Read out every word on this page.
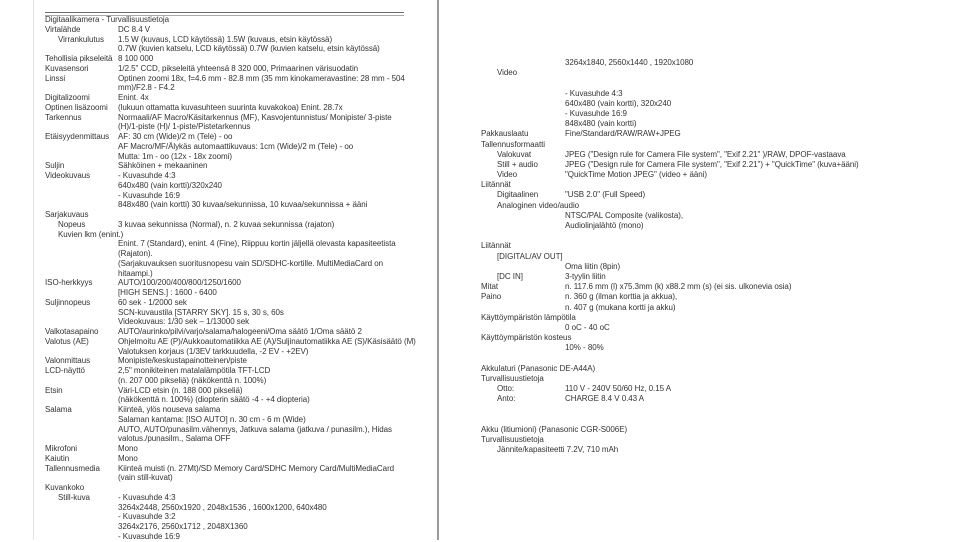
Digitaalikamera - Turvallisuustietoja
Virtalähde	DC 8.4 V
Virrankulutus 1.5 W (kuvaus, LCD käytössä) 1.5W (kuvaus, etsin käytössä)
0.7W (kuvien katselu, LCD käytössä) 0.7W (kuvien katselu, etsin käytössä)
Tehollisia pikseleitä 8 100 000
Kuvasensori	1/2.5" CCD, pikseleitä yhteensä 8 320 000, Primaarinen värisuodatin
Linssi	Optinen zoomi 18x, f=4.6 mm - 82.8 mm (35 mm kinokameravastine: 28 mm - 504
mm)/F2.8 - F4.2
Digitalizoomi	Enint. 4x
Optinen lisäzoomi (lukuun ottamatta kuvasuhteen suurinta kuvakokoa) Enint. 28.7x
Tarkennus	Normaali/AF Macro/Käsitarkennus (MF), Kasvojentunnistus/ Monipiste/ 3-piste
(H)/1-piste (H)/ 1-piste/Pistetarkennus
Etäisyydenmittaus AF: 30 cm (Wide)/2 m (Tele) - oo
AF Macro/MF/Älykäs automaattikuvaus: 1cm (Wide)/2 m (Tele) - oo
Mutta: 1m - oo (12x - 18x zoomi)
Suljin	Sähköinen + mekaaninen
Videokuvaus	- Kuvasuhde 4:3
640x480 (vain kortti)/320x240
- Kuvasuhde 16:9
848x480 (vain kortti) 30 kuvaa/sekunnissa, 10 kuvaa/sekunnissa + ääni
Sarjakuvaus
Nopeus	3 kuvaa sekunnissa (Normal), n. 2 kuvaa sekunnissa (rajaton)
Kuvien lkm (enint.)
Enint. 7 (Standard), enint. 4 (Fine), Riippuu kortin jäljellä olevasta kapasiteetista
(Rajaton).
(Sarjakuvauksen suoritusnopesu vain SD/SDHC-kortille. MultiMediaCard on
hitaampi.)
ISO-herkkyys	AUTO/100/200/400/800/1250/1600
[HIGH SENS.] : 1600 - 6400
Suljinnopeus	60 sek - 1/2000 sek
SCN-kuvaustila [STARRY SKY]. 15 s, 30 s, 60s
Videokuvaus: 1/30 sek – 1/13000 sek
Valkotasapaino AUTO/aurinko/pilvi/varjo/salama/halogeeni/Oma säätö 1/Oma säätö 2
Valotus (AE)	Ohjelmoitu AE (P)/Aukkoautomatiikka AE (A)/Suljinautomatiikka AE (S)/Käsisäätö (M)
Valotuksen korjaus (1/3EV tarkkuudella, -2 EV - +2EV)
Valonmittaus	Monipiste/keskustapainotteinen/piste
LCD-näyttö	2,5" monikiteinen matalalämpötila TFT-LCD
(n. 207 000 pikseliä) (näkökenttä n. 100%)
Etsin	Väri-LCD etsin (n. 188 000 pikseliä)
(näkökenttä n. 100%) (diopterin säätö -4 - +4 diopteria)
Salama	Kiinteä, ylös nouseva salama
Salaman kantama: [ISO AUTO] n. 30 cm - 6 m (Wide)
AUTO, AUTO/punasilm.vähennys, Jatkuva salama (jatkuva / punasilm.), Hidas
valotus./punasilm., Salama OFF
Mikrofoni	Mono
Kaiutin	Mono
Tallennusmedia Kiinteä muisti (n. 27Mt)/SD Memory Card/SDHC Memory Card/MultiMediaCard
(vain still-kuvat)
Kuvankoko
Still-kuva	- Kuvasuhde 4:3
3264x2448, 2560x1920 , 2048x1536 , 1600x1200, 640x480
- Kuvasuhde 3:2
3264x2176, 2560x1712 , 2048X1360
- Kuvasuhde 16:9
3264x1840, 2560x1440 , 1920x1080
Video
- Kuvasuhde 4:3
640x480 (vain kortti), 320x240
- Kuvasuhde 16:9
848x480 (vain kortti)
Pakkauslaatu	Fine/Standard/RAW/RAW+JPEG
Tallennusformaatti
Valokuvat	JPEG ("Design rule for Camera File system", "Exif 2.21" )/RAW, DPOF-vastaava
Still + audio	JPEG ("Design rule for Camera File system", "Exif 2.21") + "QuickTime" (kuva+ääni)
Video	"QuickTime Motion JPEG" (video + ääni)
Liitännät
Digitaalinen	"USB 2.0" (Full Speed)
Analoginen video/audio
NTSC/PAL Composite (valikosta),
Audiolinjalähtö (mono)
Liitännät
[DIGITAL/AV OUT]
Oma liitin (8pin)
[DC IN]	3-tyylin liitin
Mitat	n. 117.6 mm (l) x75.3mm (k) x88.2 mm (s) (ei sis. ulkonevia osia)
Paino	n. 360 g (ilman korttia ja akkua),
n. 407 g (mukana kortti ja akku)
Käyttöympäristön lämpötila
0 oC - 40 oC
Käyttöympäristön kosteus
10% - 80%
Akkulaturi (Panasonic DE-A44A)
Turvallisuustietoja
Otto:	110 V - 240V 50/60 Hz, 0.15 A
Anto:	CHARGE 8.4 V 0.43 A
Akku (litiumioni) (Panasonic CGR-S006E)
Turvallisuustietoja
Jännite/kapasiteetti 7.2V, 710 mAh
